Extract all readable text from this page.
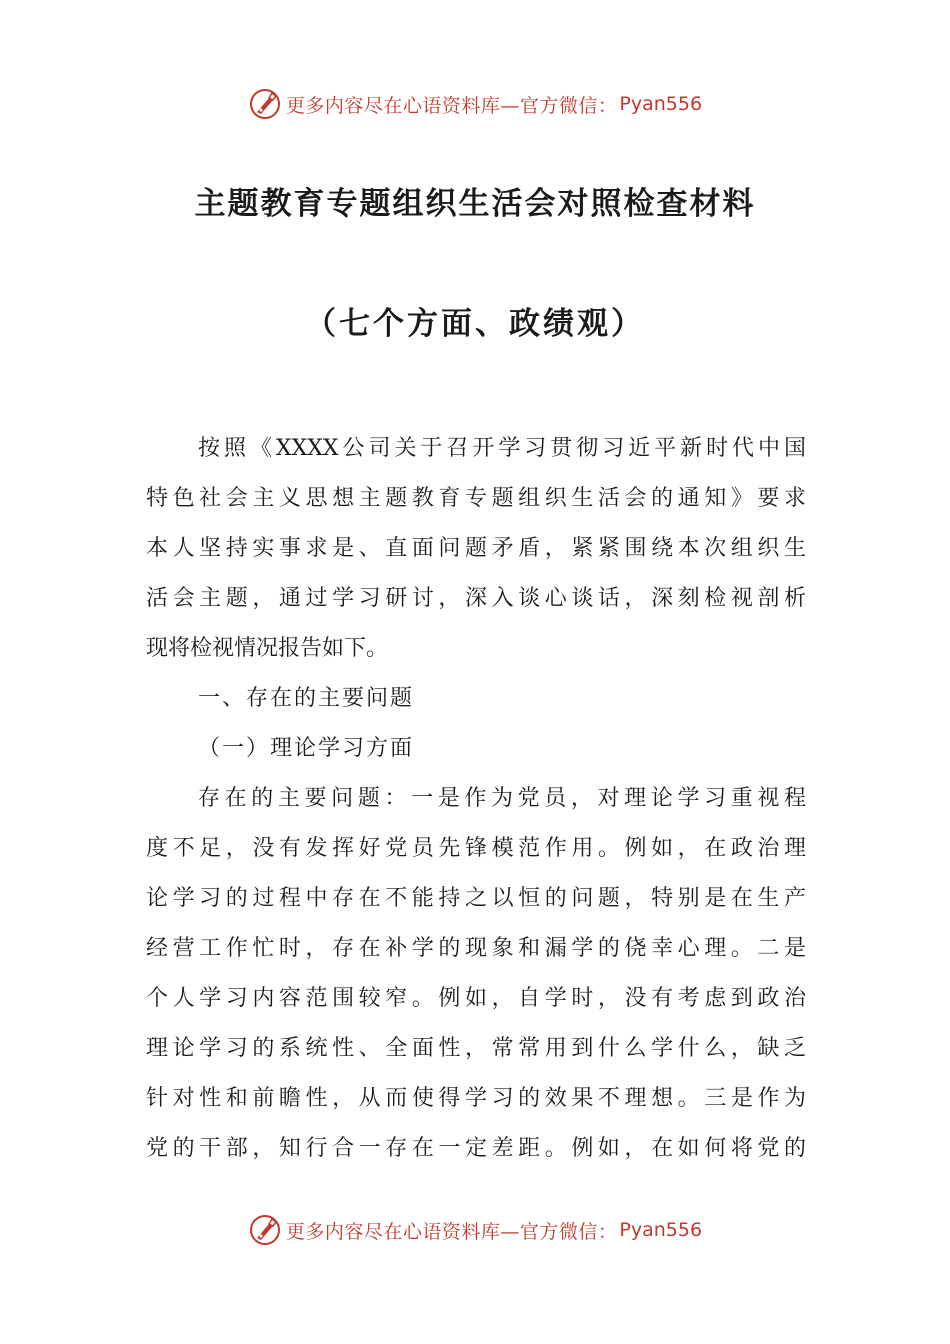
更多内容尽在心语资料库—官方微信： Pyan556
主题教育专题组织生活会对照检查材料
（七个方面、政绩观）
按照《XXXX公司关于召开学习贯彻习近平新时代中国
特色社会主义思想主题教育专题组织生活会的通知》要求
本人坚持实事求是、直面问题矛盾，紧紧围绕本次组织生
活会主题，通过学习研讨，深入谈心谈话，深刻检视剖析
现将检视情况报告如下。
一、存在的主要问题
（一）理论学习方面
存在的主要问题：一是作为党员，对理论学习重视程
度不足，没有发挥好党员先锋模范作用。例如，在政治理
论学习的过程中存在不能持之以恒的问题，特别是在生产
经营工作忙时，存在补学的现象和漏学的侥幸心理。二是
个人学习内容范围较窄。例如，自学时，没有考虑到政治
理论学习的系统性、全面性，常常用到什么学什么，缺乏
针对性和前瞻性，从而使得学习的效果不理想。三是作为
党的干部，知行合一存在一定差距。例如，在如何将党的
更多内容尽在心语资料库—官方微信： Pyan556
